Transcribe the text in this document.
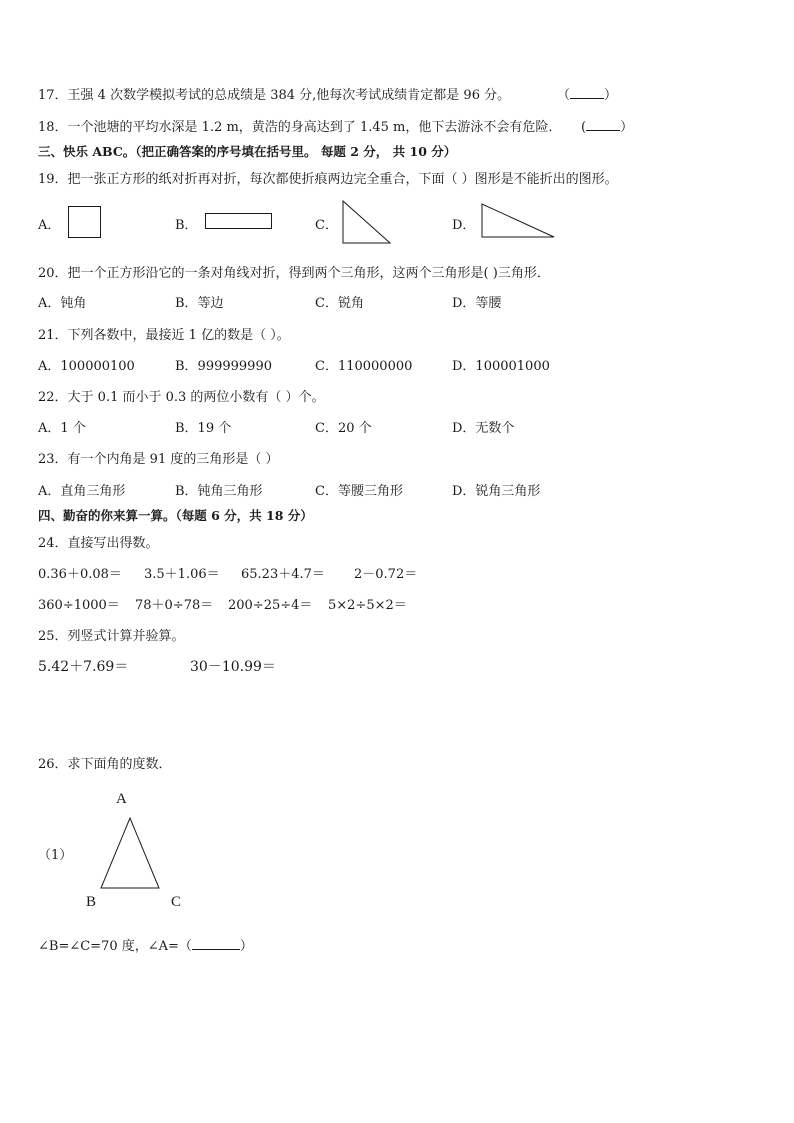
17．王强 4 次数学模拟考试的总成绩是 384 分,他每次考试成绩肯定都是 96 分。	（	）
18．一个池塘的平均水深是 1.2 m，黄浩的身高达到了 1.45 m，他下去游泳不会有危险． (	）
三、快乐 ABC。（把正确答案的序号填在括号里。 每题 2 分， 共 10 分）
19．把一张正方形的纸对折再对折，每次都使折痕两边完全重合，下面（ ）图形是不能折出的图形。
A．	B．	C．	D．
20．把一个正方形沿它的一条对角线对折，得到两个三角形，这两个三角形是( )三角形．
A．钝角	B．等边	C．锐角	D．等腰
21．下列各数中，最接近 1 亿的数是（ ）。
A．100000100	B．999999990	C．110000000	D．100001000
22．大于 0.1 而小于 0.3 的两位小数有（ ）个。
A．1 个	B．19 个	C．20 个	D．无数个
23．有一个内角是 91 度的三角形是（ ）
A．直角三角形	B．钝角三角形	C．等腰三角形	D．锐角三角形
四、勤奋的你来算一算。（每题 6 分，共 18 分）
24．直接写出得数。
0.36＋0.08＝ 3.5＋1.06＝ 65.23＋4.7＝ 2－0.72＝
360÷1000＝ 78＋0÷78＝ 200÷25÷4＝ 5×2÷5×2＝
25．列竖式计算并验算。
5.42＋7.69＝	30－10.99＝
26．求下面角的度数．
（1）
A
B	C
∠B=∠C=70 度，∠A=（	）
